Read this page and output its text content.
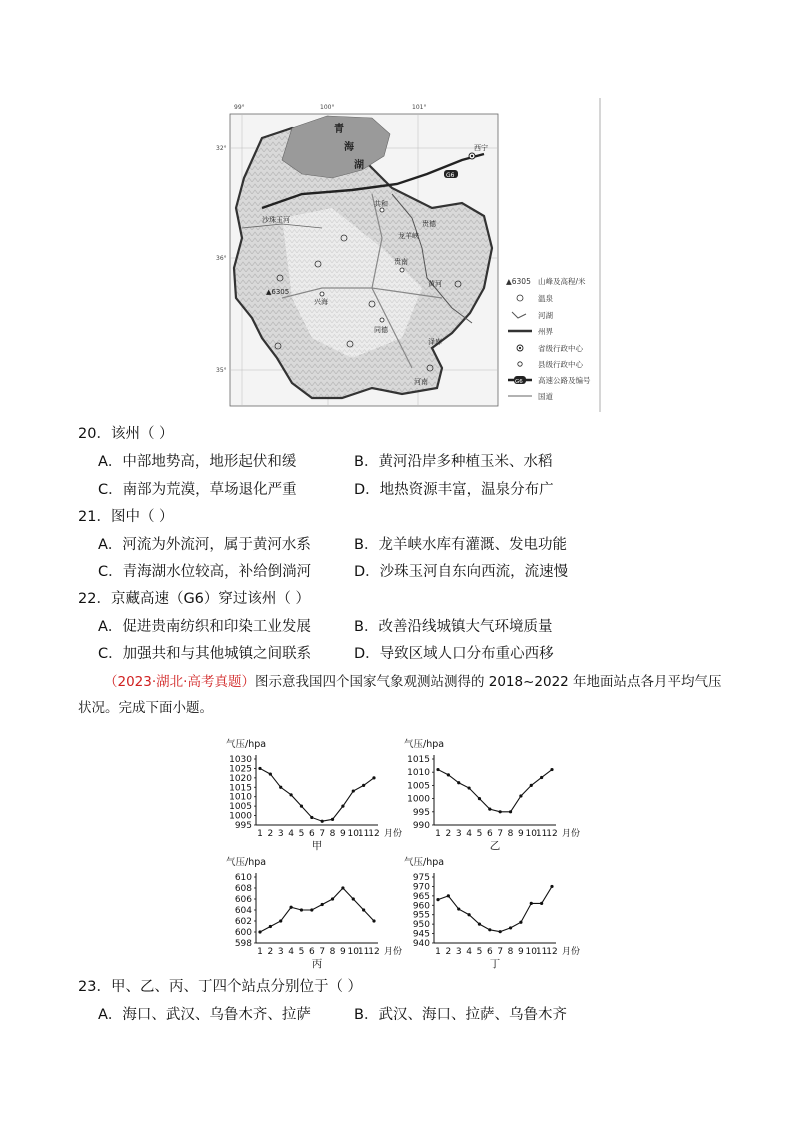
99°	100°	101°
32°
36°
35°
青
海
湖
G6
西宁
共和
贵南
同德
兴海
泽库
河南
贵德
龙羊峡
黄河
沙珠玉河
▲6305
▲6305 山峰及高程/米
温泉
河湖
州界
省级行政中心
县级行政中心
G6 高速公路及编号
国道
20．该州（ ）
A．中部地势高，地形起伏和缓	B．黄河沿岸多种植玉米、水稻
C．南部为荒漠，草场退化严重	D．地热资源丰富，温泉分布广
21．图中（ ）
A．河流为外流河，属于黄河水系	B．龙羊峡水库有灌溉、发电功能
C．青海湖水位较高，补给倒淌河	D．沙珠玉河自东向西流，流速慢
22．京藏高速（G6）穿过该州（ ）
A．促进贵南纺织和印染工业发展	B．改善沿线城镇大气环境质量
C．加强共和与其他城镇之间联系	D．导致区域人口分布重心西移
（2023·湖北·高考真题）图示意我国四个国家气象观测站测得的 2018~2022 年地面站点各月平均气压
状况。完成下面小题。
气压/hpa
995
1000
1005
1010
1015
1020
1025
1030
1 2 3 4 5 6 7 8 9 10
11
12 月份
甲
气压/hpa
990
995
1000
1005
1010
1015
1 2 3 4 5 6 7 8 9 10
11
12 月份
乙
气压/hpa
598
600
602
604
606
608
610
1 2 3 4 5 6 7 8 9 10
11
12 月份
丙
气压/hpa
940
945
950
955
960
965
970
975
1 2 3 4 5 6 7 8 9 10
11
12 月份
丁
23．甲、乙、丙、丁四个站点分别位于（ ）
A．海口、武汉、乌鲁木齐、拉萨	B．武汉、海口、拉萨、乌鲁木齐
